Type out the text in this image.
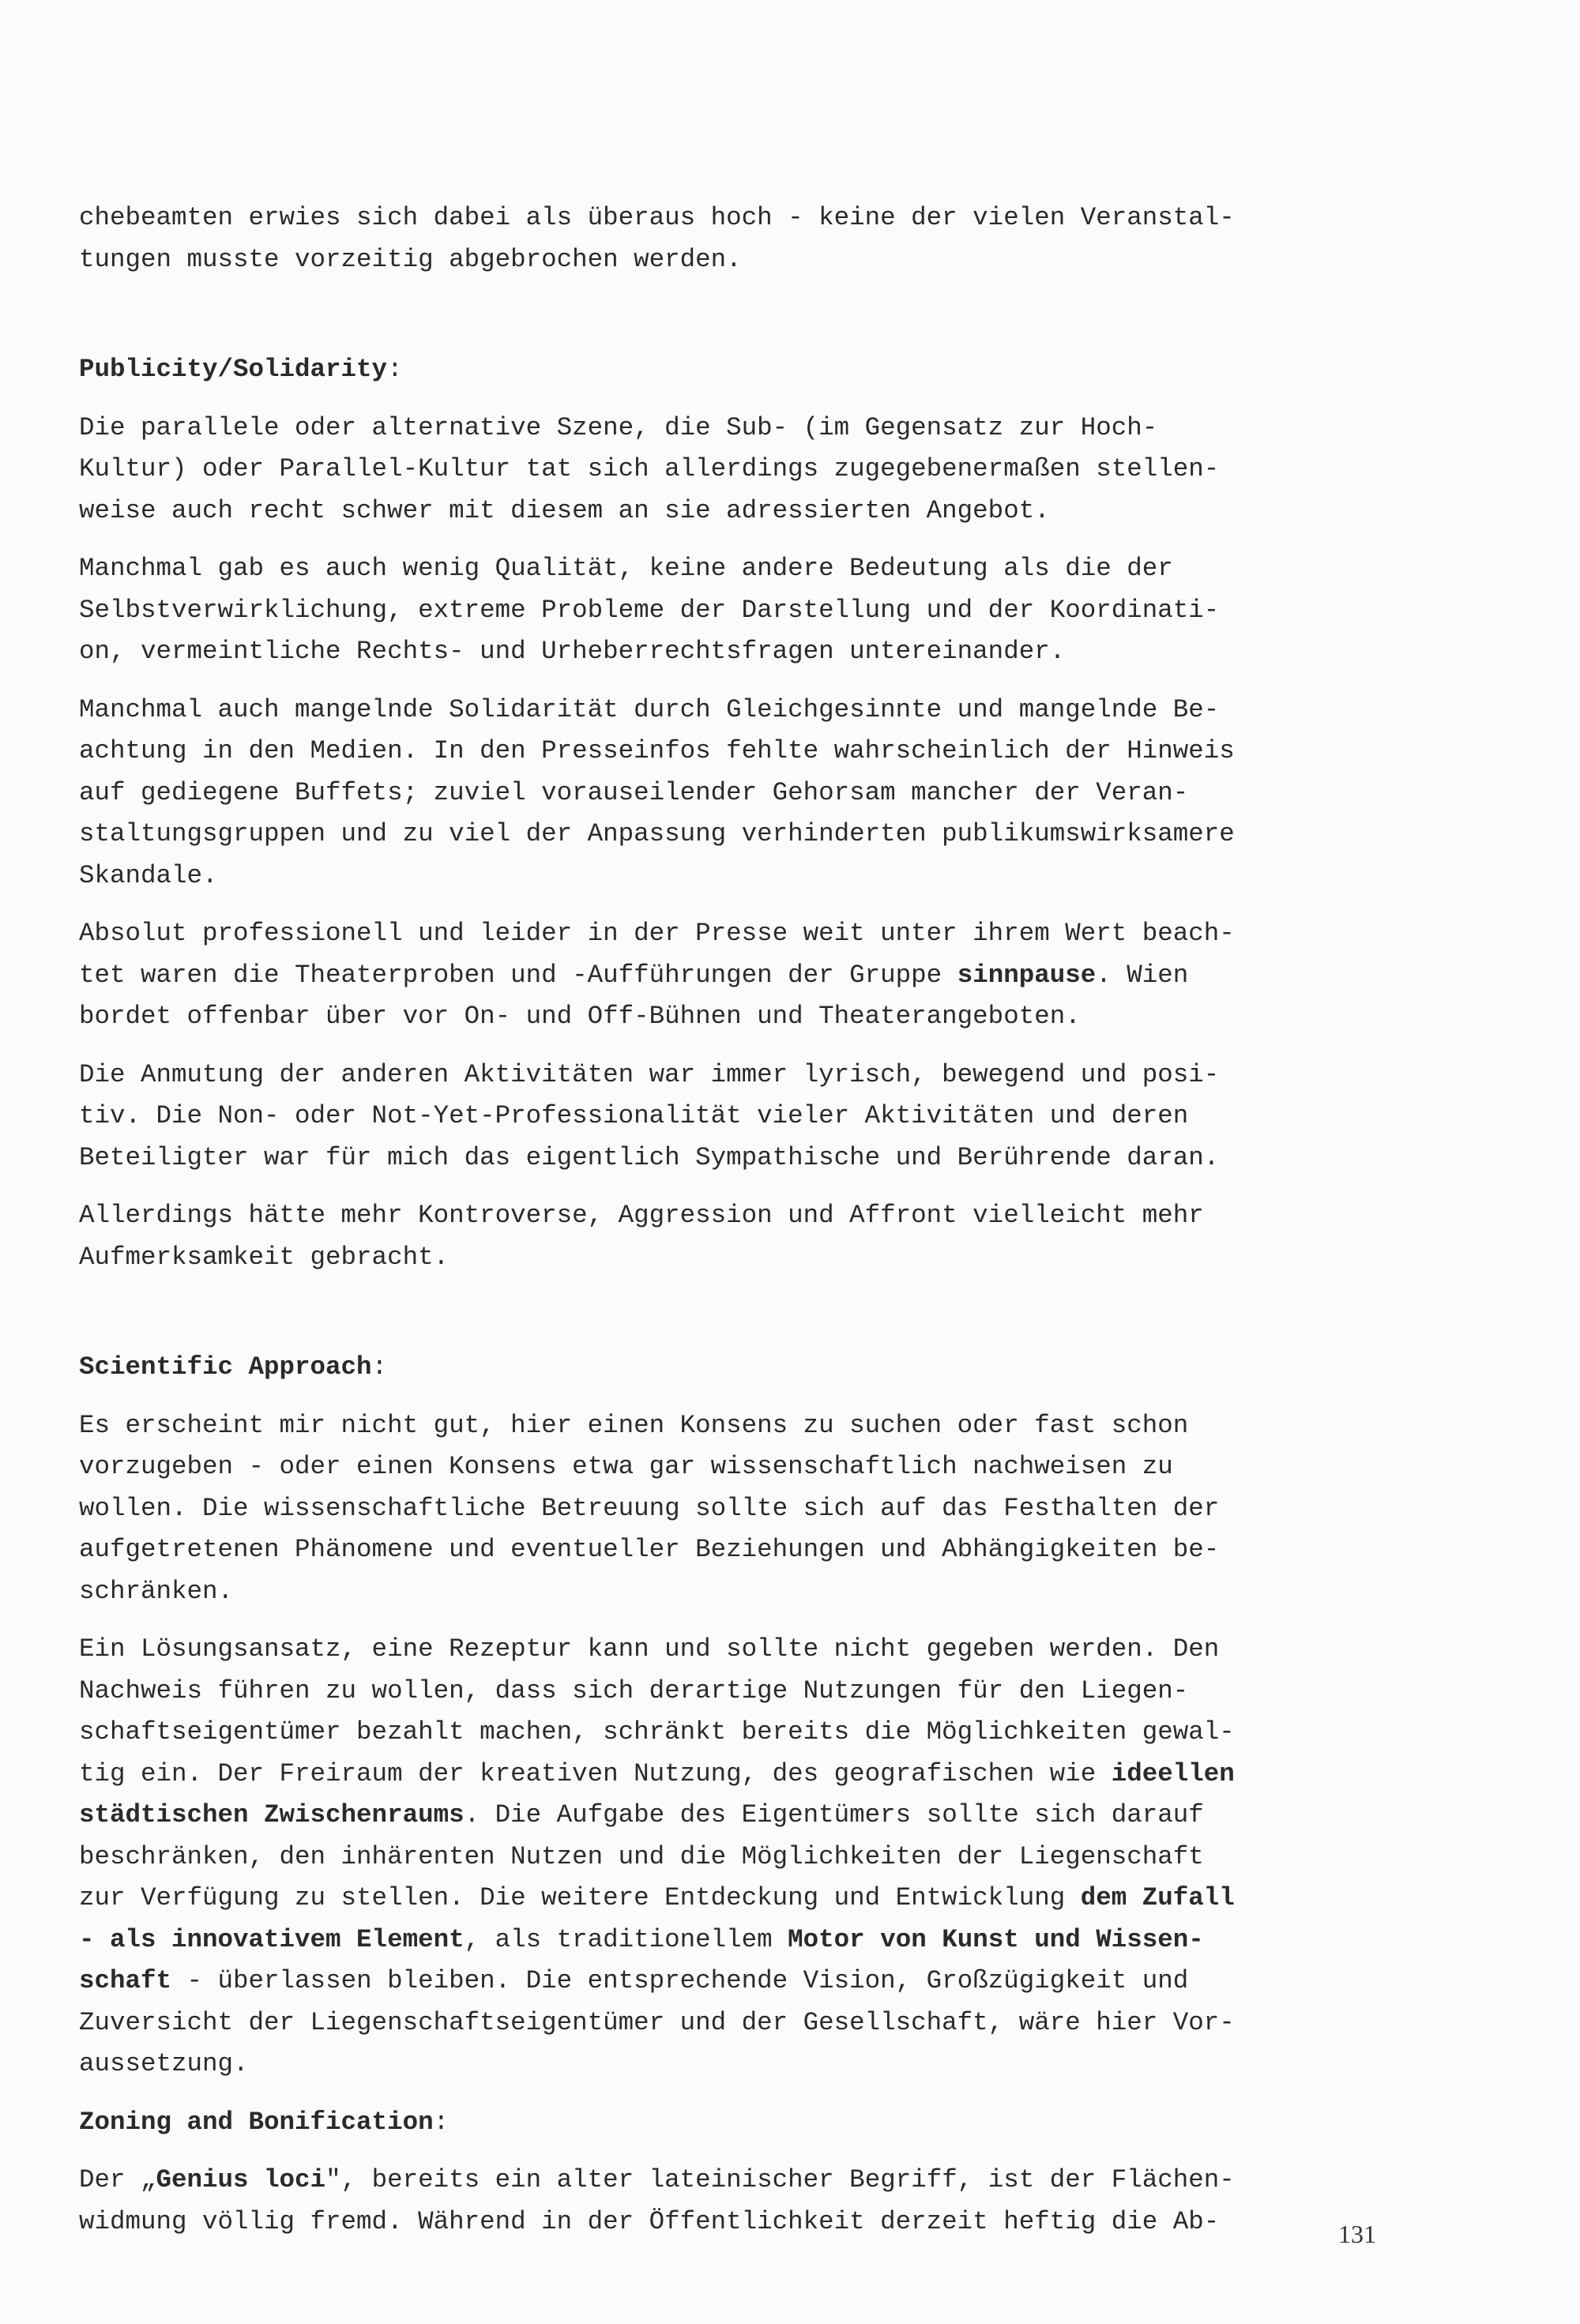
chebeamten erwies sich dabei als überaus hoch - keine der vielen Veranstal-
tungen musste vorzeitig abgebrochen werden.

Publicity/Solidarity:

Die parallele oder alternative Szene, die Sub- (im Gegensatz zur Hoch-
Kultur) oder Parallel-Kultur tat sich allerdings zugegebenermaßen stellen-
weise auch recht schwer mit diesem an sie adressierten Angebot.

Manchmal gab es auch wenig Qualität, keine andere Bedeutung als die der
Selbstverwirklichung, extreme Probleme der Darstellung und der Koordinati-
on, vermeintliche Rechts- und Urheberrechtsfragen untereinander.

Manchmal auch mangelnde Solidarität durch Gleichgesinnte und mangelnde Be-
achtung in den Medien. In den Presseinfos fehlte wahrscheinlich der Hinweis
auf gediegene Buffets; zuviel vorauseilender Gehorsam mancher der Veran-
staltungsgruppen und zu viel der Anpassung verhinderten publikumswirksamere
Skandale.

Absolut professionell und leider in der Presse weit unter ihrem Wert beach-
tet waren die Theaterproben und -Aufführungen der Gruppe sinnpause. Wien
bordet offenbar über vor On- und Off-Bühnen und Theaterangeboten.

Die Anmutung der anderen Aktivitäten war immer lyrisch, bewegend und posi-
tiv. Die Non- oder Not-Yet-Professionalität vieler Aktivitäten und deren
Beteiligter war für mich das eigentlich Sympathische und Berührende daran.

Allerdings hätte mehr Kontroverse, Aggression und Affront vielleicht mehr
Aufmerksamkeit gebracht.

Scientific Approach:

Es erscheint mir nicht gut, hier einen Konsens zu suchen oder fast schon
vorzugeben - oder einen Konsens etwa gar wissenschaftlich nachweisen zu
wollen. Die wissenschaftliche Betreuung sollte sich auf das Festhalten der
aufgetretenen Phänomene und eventueller Beziehungen und Abhängigkeiten be-
schränken.

Ein Lösungsansatz, eine Rezeptur kann und sollte nicht gegeben werden. Den
Nachweis führen zu wollen, dass sich derartige Nutzungen für den Liegen-
schaftseigentümer bezahlt machen, schränkt bereits die Möglichkeiten gewal-
tig ein. Der Freiraum der kreativen Nutzung, des geografischen wie ideellen
städtischen Zwischenraums. Die Aufgabe des Eigentümers sollte sich darauf
beschränken, den inhärenten Nutzen und die Möglichkeiten der Liegenschaft
zur Verfügung zu stellen. Die weitere Entdeckung und Entwicklung dem Zufall
- als innovativem Element, als traditionellem Motor von Kunst und Wissen-
schaft - überlassen bleiben. Die entsprechende Vision, Großzügigkeit und
Zuversicht der Liegenschaftseigentümer und der Gesellschaft, wäre hier Vor-
aussetzung.

Zoning and Bonification:

Der „Genius loci", bereits ein alter lateinischer Begriff, ist der Flächen-
widmung völlig fremd. Während in der Öffentlichkeit derzeit heftig die Ab-	131
